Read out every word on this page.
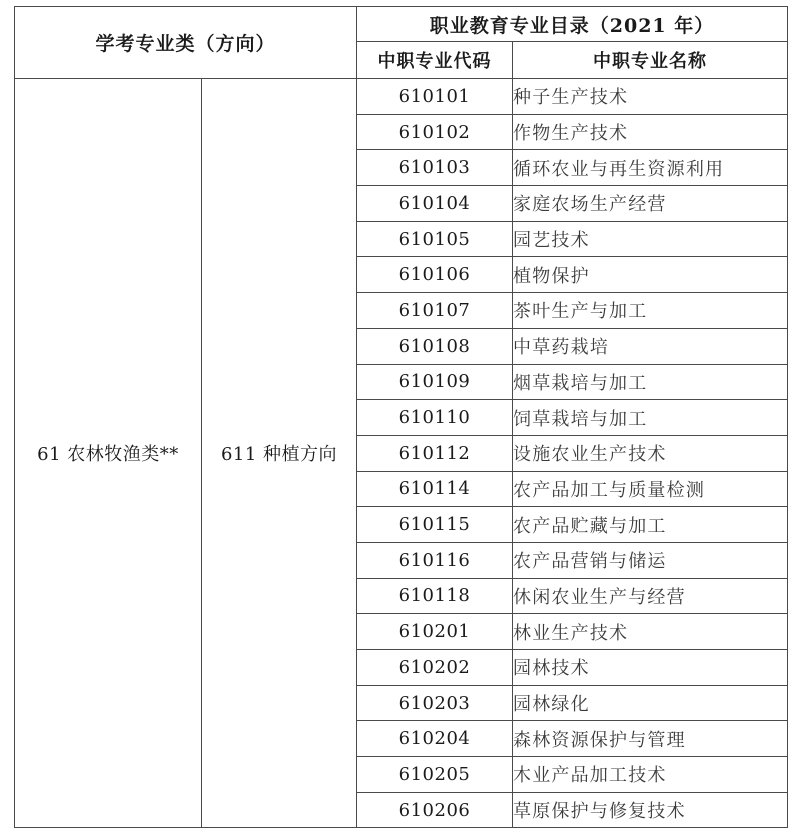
学考专业类（方向）		职业教育专业目录（2021 年）	
		中职专业代码	中职专业名称

61 农林牧渔类**	611 种植方向	610101	种子生产技术
		610102	作物生产技术
		610103	循环农业与再生资源利用
		610104	家庭农场生产经营
		610105	园艺技术
		610106	植物保护
		610107	茶叶生产与加工
		610108	中草药栽培
		610109	烟草栽培与加工
		610110	饲草栽培与加工
		610112	设施农业生产技术
		610114	农产品加工与质量检测
		610115	农产品贮藏与加工
		610116	农产品营销与储运
		610118	休闲农业生产与经营
		610201	林业生产技术
		610202	园林技术
		610203	园林绿化
		610204	森林资源保护与管理
		610205	木业产品加工技术
		610206	草原保护与修复技术
